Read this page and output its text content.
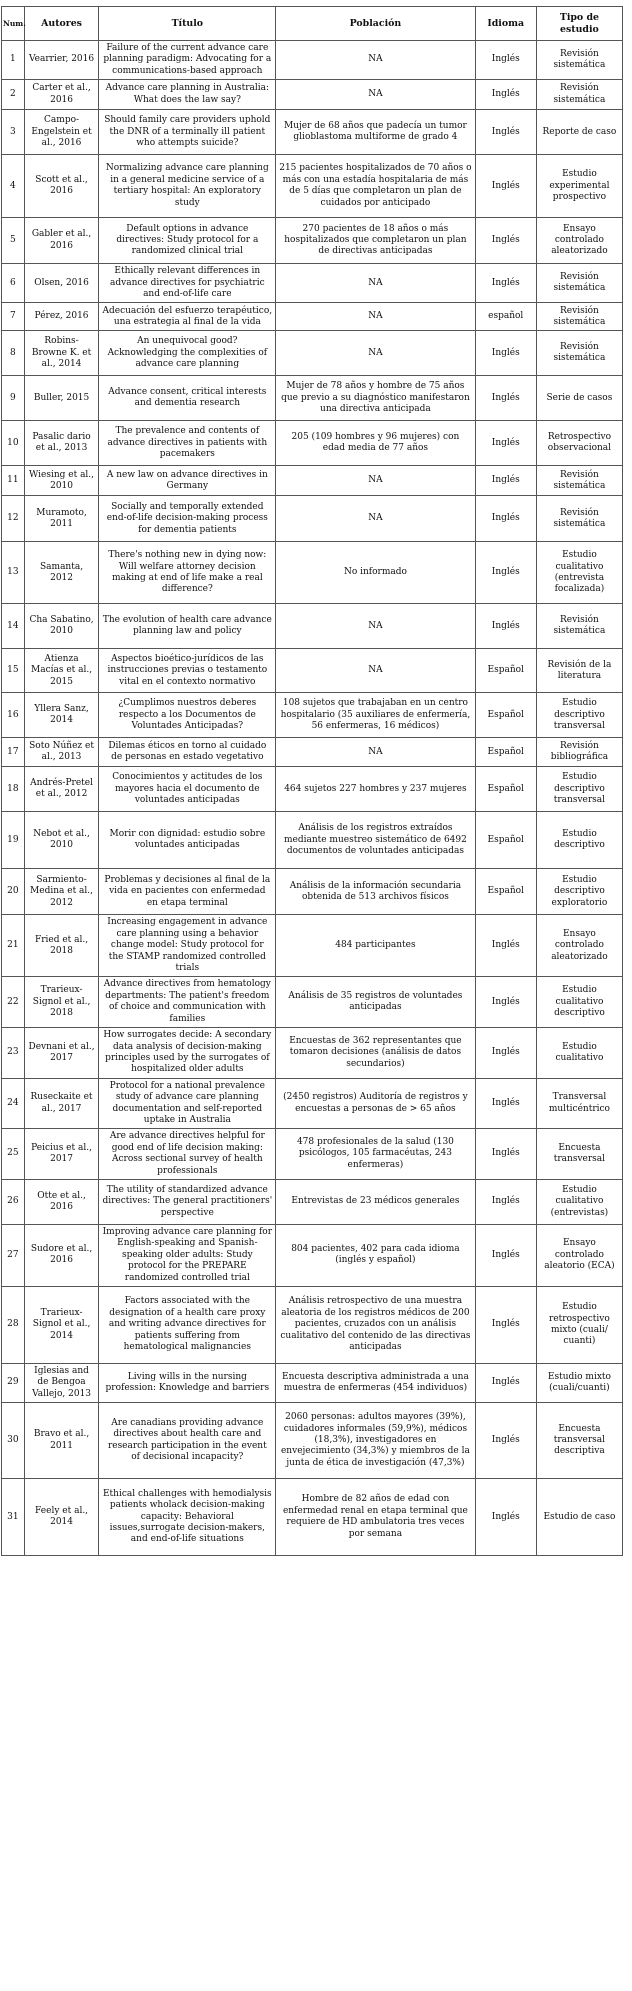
Num.	Autores	Título	Población	Idioma	Tipo de estudio
1	Vearrier, 2016	Failure of the current advance care planning paradigm: Advocating for a communications-based approach	NA	Inglés	Revisión sistemática
2	Carter et al., 2016	Advance care planning in Australia: What does the law say?	NA	Inglés	Revisión sistemática
3	Campo-Engelstein et al., 2016	Should family care providers uphold the DNR of a terminally ill patient who attempts suicide?	Mujer de 68 años que padecía un tumor glioblastoma multiforme de grado 4	Inglés	Reporte de caso
4	Scott et al., 2016	Normalizing advance care planning in a general medicine service of a tertiary hospital: An exploratory study	215 pacientes hospitalizados de 70 años o más con una estadía hospitalaria de más de 5 días que completaron un plan de cuidados por anticipado	Inglés	Estudio experimental prospectivo
5	Gabler et al., 2016	Default options in advance directives: Study protocol for a randomized clinical trial	270 pacientes de 18 años o más hospitalizados que completaron un plan de directivas anticipadas	Inglés	Ensayo controlado aleatorizado
6	Olsen, 2016	Ethically relevant differences in advance directives for psychiatric and end-of-life care	NA	Inglés	Revisión sistemática
7	Pérez, 2016	Adecuación del esfuerzo terapéutico, una estrategia al final de la vida	NA	español	Revisión sistemática
8	Robins-Browne K. et al., 2014	An unequivocal good? Acknowledging the complexities of advance care planning	NA	Inglés	Revisión sistemática
9	Buller, 2015	Advance consent, critical interests and dementia research	Mujer de 78 años y hombre de 75 años que previo a su diagnóstico manifestaron una directiva anticipada	Inglés	Serie de casos
10	Pasalic dario et al., 2013	The prevalence and contents of advance directives in patients with pacemakers	205 (109 hombres y 96 mujeres) con edad media de 77 años	Inglés	Retrospectivo observacional
11	Wiesing et al., 2010	A new law on advance directives in Germany	NA	Inglés	Revisión sistemática
12	Muramoto, 2011	Socially and temporally extended end-of-life decision-making process for dementia patients	NA	Inglés	Revisión sistemática
13	Samanta, 2012	There's nothing new in dying now: Will welfare attorney decision making at end of life make a real difference?	No informado	Inglés	Estudio cualitativo (entrevista focalizada)
14	Cha Sabatino, 2010	The evolution of health care advance planning law and policy	NA	Inglés	Revisión sistemática
15	Atienza Macías et al., 2015	Aspectos bioético-jurídicos de las instrucciones previas o testamento vital en el contexto normativo	NA	Español	Revisión de la literatura
16	Yllera Sanz, 2014	¿Cumplimos nuestros deberes respecto a los Documentos de Voluntades Anticipadas?	108 sujetos que trabajaban en un centro hospitalario (35 auxiliares de enfermería, 56 enfermeras, 16 médicos)	Español	Estudio descriptivo transversal
17	Soto Núñez et al., 2013	Dilemas éticos en torno al cuidado de personas en estado vegetativo	NA	Español	Revisión bibliográfica
18	Andrés-Pretel et al., 2012	Conocimientos y actitudes de los mayores hacia el documento de voluntades anticipadas	464 sujetos 227 hombres y 237 mujeres	Español	Estudio descriptivo transversal
19	Nebot et al., 2010	Morir con dignidad: estudio sobre voluntades anticipadas	Análisis de los registros extraídos mediante muestreo sistemático de 6492 documentos de voluntades anticipadas	Español	Estudio descriptivo
20	Sarmiento-Medina et al., 2012	Problemas y decisiones al final de la vida en pacientes con enfermedad en etapa terminal	Análisis de la información secundaria obtenida de 513 archivos físicos	Español	Estudio descriptivo exploratorio
21	Fried et al., 2018	Increasing engagement in advance care planning using a behavior change model: Study protocol for the STAMP randomized controlled trials	484 participantes	Inglés	Ensayo controlado aleatorizado
22	Trarieux-Signol et al., 2018	Advance directives from hematology departments: The patient's freedom of choice and communication with families	Análisis de 35 registros de voluntades anticipadas	Inglés	Estudio cualitativo descriptivo
23	Devnani et al., 2017	How surrogates decide: A secondary data analysis of decision-making principles used by the surrogates of hospitalized older adults	Encuestas de 362 representantes que tomaron decisiones (análisis de datos secundarios)	Inglés	Estudio cualitativo
24	Ruseckaite et al., 2017	Protocol for a national prevalence study of advance care planning documentation and self-reported uptake in Australia	(2450 registros) Auditoría de registros y encuestas a personas de > 65 años	Inglés	Transversal multicéntrico
25	Peicius et al., 2017	Are advance directives helpful for good end of life decision making: Across sectional survey of health professionals	478 profesionales de la salud (130 psicólogos, 105 farmacéutas, 243 enfermeras)	Inglés	Encuesta transversal
26	Otte et al., 2016	The utility of standardized advance directives: The general practitioners' perspective	Entrevistas de 23 médicos generales	Inglés	Estudio cualitativo (entrevistas)
27	Sudore et al., 2016	Improving advance care planning for English-speaking and Spanish-speaking older adults: Study protocol for the PREPARE randomized controlled trial	804 pacientes, 402 para cada idioma (inglés y español)	Inglés	Ensayo controlado aleatorio (ECA)
28	Trarieux-Signol et al., 2014	Factors associated with the designation of a health care proxy and writing advance directives for patients suffering from hematological malignancies	Análisis retrospectivo de una muestra aleatoria de los registros médicos de 200 pacientes, cruzados con un análisis cualitativo del contenido de las directivas anticipadas	Inglés	Estudio retrospectivo mixto (cuali/ cuanti)
29	Iglesias and de Bengoa Vallejo, 2013	Living wills in the nursing profession: Knowledge and barriers	Encuesta descriptiva administrada a una muestra de enfermeras (454 individuos)	Inglés	Estudio mixto (cuali/cuanti)
30	Bravo et al., 2011	Are canadians providing advance directives about health care and research participation in the event of decisional incapacity?	2060 personas: adultos mayores (39%), cuidadores informales (59,9%), médicos (18,3%), investigadores en envejecimiento (34,3%) y miembros de la junta de ética de investigación (47,3%)	Inglés	Encuesta transversal descriptiva
31	Feely et al., 2014	Ethical challenges with hemodialysis patients wholack decision-making capacity: Behavioral issues,surrogate decision-makers, and end-of-life situations	Hombre de 82 años de edad con enfermedad renal en etapa terminal que requiere de HD ambulatoria tres veces por semana	Inglés	Estudio de caso
